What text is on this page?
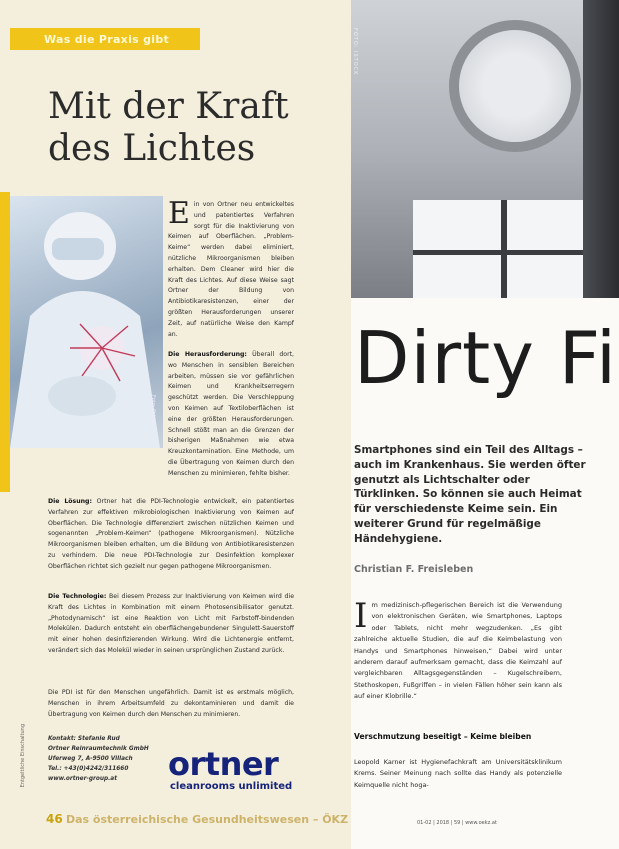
Was die Praxis gibt
Mit der Kraft
des Lichtes
Foto: Ortner
E in von Ortner neu entwickeltes und patentiertes Verfahren sorgt für die Inaktivierung von Keimen auf Oberflächen. „Problem-Keime“ werden dabei eliminiert, nützliche Mikroorganismen bleiben erhalten. Dem Cleaner wird hier die Kraft des Lichtes. Auf diese Weise sagt Ortner der Bildung von Antibiotikaresistenzen, einer der größten Herausforderungen unserer Zeit, auf natürliche Weise den Kampf an.
Die Herausforderung: Überall dort, wo Menschen in sensiblen Bereichen arbeiten, müssen sie vor gefährlichen Keimen und Krankheitserregern geschützt werden. Die Verschleppung von Keimen auf Textiloberflächen ist eine der größten Herausforderungen. Schnell stößt man an die Grenzen der bisherigen Maßnahmen wie etwa Kreuzkontamination. Eine Methode, um die Übertragung von Keimen durch den Menschen zu minimieren, fehlte bisher.
Die Lösung: Ortner hat die PDI-Technologie entwickelt, ein patentiertes Verfahren zur effektiven mikrobiologischen Inaktivierung von Keimen auf Oberflächen. Die Technologie differenziert zwischen nützlichen Keimen und sogenannten „Problem-Keimen“ (pathogene Mikroorganismen). Nützliche Mikroorganismen bleiben erhalten, um die Bildung von Antibiotikaresistenzen zu verhindern. Die neue PDI-Technologie zur Desinfektion komplexer Oberflächen richtet sich gezielt nur gegen pathogene Mikroorganismen.
Die Technologie: Bei diesem Prozess zur Inaktivierung von Keimen wird die Kraft des Lichtes in Kombination mit einem Photosensibilisator genutzt. „Photodynamisch“ ist eine Reaktion von Licht mit Farbstoff-bindenden Molekülen. Dadurch entsteht ein oberflächengebundener Singulett-Sauerstoff mit einer hohen desinfizierenden Wirkung. Wird die Lichtenergie entfernt, verändert sich das Molekül wieder in seinen ursprünglichen Zustand zurück.
Die PDI ist für den Menschen ungefährlich. Damit ist es erstmals möglich, Menschen in ihrem Arbeitsumfeld zu dekontaminieren und damit die Übertragung von Keimen durch den Menschen zu minimieren.
Kontakt: Stefanie Rud
Ortner Reinraumtechnik GmbH
Uferweg 7, A-9500 Villach
Tel.: +43(0)4242/311660
www.ortner-group.at	ortner
cleanrooms unlimited
Entgeltliche Einschaltung
46 Das österreichische Gesundheitswesen – ÖKZ
FOTO: ISTOCK
Dirty Fi
Smartphones sind ein Teil des Alltags – auch im Krankenhaus. Sie werden öfter genutzt als Lichtschalter oder Türklinken. So können sie auch Heimat für verschiedenste Keime sein. Ein weiterer Grund für regelmäßige Händehygiene.
Christian F. Freisleben
I m medizinisch-pflegerischen Bereich ist die Verwendung von elektronischen Geräten, wie Smartphones, Laptops oder Tablets, nicht mehr wegzudenken. „Es gibt zahlreiche aktuelle Studien, die auf die Keimbelastung von Handys und Smartphones hinweisen,“ Dabei wird unter anderem darauf aufmerksam gemacht, dass die Keimzahl auf vergleichbaren Alltagsgegenständen – Kugelschreibern, Stethoskopen, Fußgriffen – in vielen Fällen höher sein kann als auf einer Klobrille.“
Verschmutzung beseitigt – Keime bleiben
Leopold Karner ist Hygienefachkraft am Universitätsklinikum Krems. Seiner Meinung nach sollte das Handy als potenzielle Keimquelle nicht hoga-
01-02 | 2018 | 59 | www.oekz.at
